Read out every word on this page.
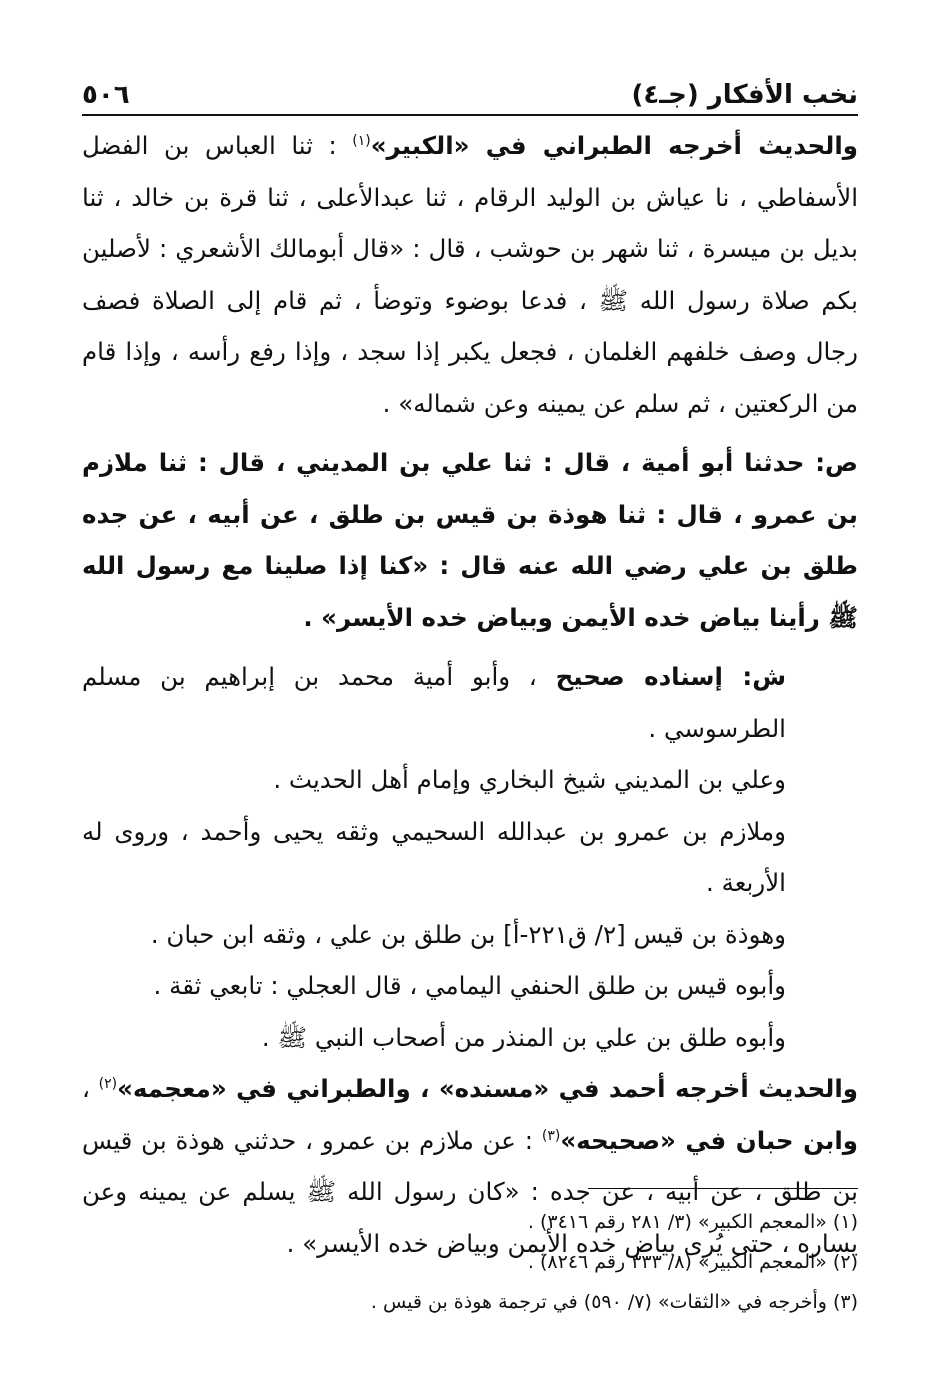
نخب الأفكار (جـ٤)
٥٠٦

والحديث أخرجه الطبراني في «الكبير»$^{(١)}$ : ثنا العباس بن الفضل الأسفاطي ، نا عياش بن الوليد الرقام ، ثنا عبدالأعلى ، ثنا قرة بن خالد ، ثنا بديل بن ميسرة ، ثنا شهر بن حوشب ، قال : «قال أبومالك الأشعري : لأصلين بكم صلاة رسول الله ﷺ ، فدعا بوضوء وتوضأ ، ثم قام إلى الصلاة فصف رجال وصف خلفهم الغلمان ، فجعل يكبر إذا سجد ، وإذا رفع رأسه ، وإذا قام من الركعتين ، ثم سلم عن يمينه وعن شماله» .

ص: حدثنا أبو أمية ، قال : ثنا علي بن المديني ، قال : ثنا ملازم بن عمرو ، قال : ثنا هوذة بن قيس بن طلق ، عن أبيه ، عن جده طلق بن علي رضي الله عنه قال : «كنا إذا صلينا مع رسول الله ﷺ رأينا بياض خده الأيمن وبياض خده الأيسر» .

ش: إسناده صحيح ، وأبو أمية محمد بن إبراهيم بن مسلم الطرسوسي .

وعلي بن المديني شيخ البخاري وإمام أهل الحديث .

وملازم بن عمرو بن عبدالله السحيمي وثقه يحيى وأحمد ، وروى له الأربعة .

وهوذة بن قيس [٢/ ق٢٢١-أ] بن طلق بن علي ، وثقه ابن حبان .

وأبوه قيس بن طلق الحنفي اليمامي ، قال العجلي : تابعي ثقة .

وأبوه طلق بن علي بن المنذر من أصحاب النبي ﷺ .

والحديث أخرجه أحمد في «مسنده» ، والطبراني في «معجمه»$^{(٢)}$ ، وابن حبان في «صحيحه»$^{(٣)}$ : عن ملازم بن عمرو ، حدثني هوذة بن قيس بن طلق ، عن أبيه ، عن جده : «كان رسول الله ﷺ يسلم عن يمينه وعن يساره ، حتى يُرى بياض خده الأيمن وبياض خده الأيسر» .

(١) «المعجم الكبير» (٣/ ٢٨١ رقم ٣٤١٦) .

(٢) «المعجم الكبير» (٨/ ٣٣٣ رقم ٨٢٤٦) .

(٣) وأخرجه في «الثقات» (٧/ ٥٩٠) في ترجمة هوذة بن قيس .
